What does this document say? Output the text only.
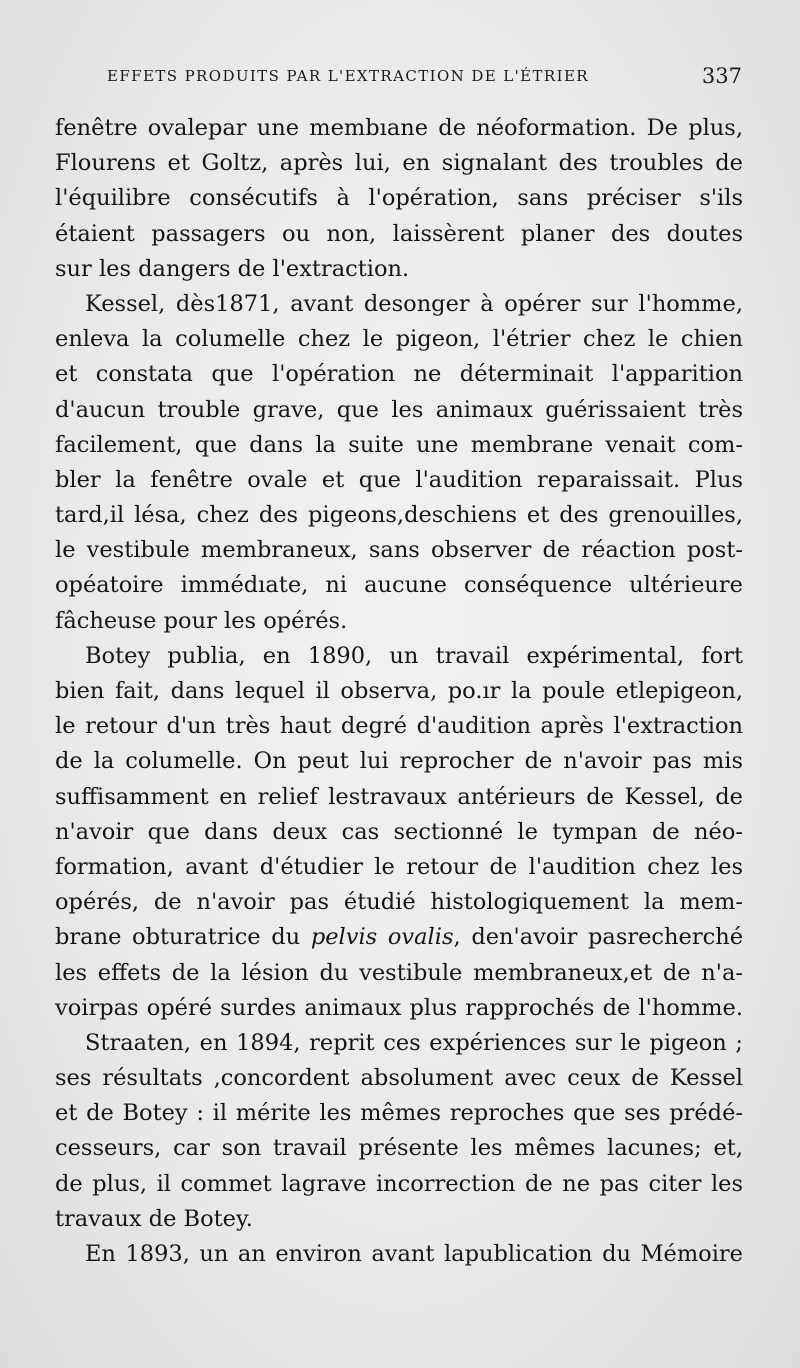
EFFETS PRODUITS PAR L'EXTRACTION DE L'ÉTRIER	337
fenêtre ovalepar une membıane de néoformation. De plus,
Flourens et Goltz, après lui, en signalant des troubles de
l'équilibre consécutifs à l'opération, sans préciser s'ils
étaient passagers ou non, laissèrent planer des doutes
sur les dangers de l'extraction.
Kessel, dès1871, avant desonger à opérer sur l'homme,
enleva la columelle chez le pigeon, l'étrier chez le chien
et constata que l'opération ne déterminait l'apparition
d'aucun trouble grave, que les animaux guérissaient très
facilement, que dans la suite une membrane venait com-
bler la fenêtre ovale et que l'audition reparaissait. Plus
tard,il lésa, chez des pigeons,deschiens et des grenouilles,
le vestibule membraneux, sans observer de réaction post-
opéatoire immédıate, ni aucune conséquence ultérieure
fâcheuse pour les opérés.
Botey publia, en 1890, un travail expérimental, fort
bien fait, dans lequel il observa, po.ır la poule etlepigeon,
le retour d'un très haut degré d'audition après l'extraction
de la columelle. On peut lui reprocher de n'avoir pas mis
suffisamment en relief lestravaux antérieurs de Kessel, de
n'avoir que dans deux cas sectionné le tympan de néo-
formation, avant d'étudier le retour de l'audition chez les
opérés, de n'avoir pas étudié histologiquement la mem-
brane obturatrice du pelvis ovalis, den'avoir pasrecherché
les effets de la lésion du vestibule membraneux,et de n'a-
voirpas opéré surdes animaux plus rapprochés de l'homme.
Straaten, en 1894, reprit ces expériences sur le pigeon ;
ses résultats ,concordent absolument avec ceux de Kessel
et de Botey : il mérite les mêmes reproches que ses prédé-
cesseurs, car son travail présente les mêmes lacunes; et,
de plus, il commet lagrave incorrection de ne pas citer les
travaux de Botey.
En 1893, un an environ avant lapublication du Mémoire
